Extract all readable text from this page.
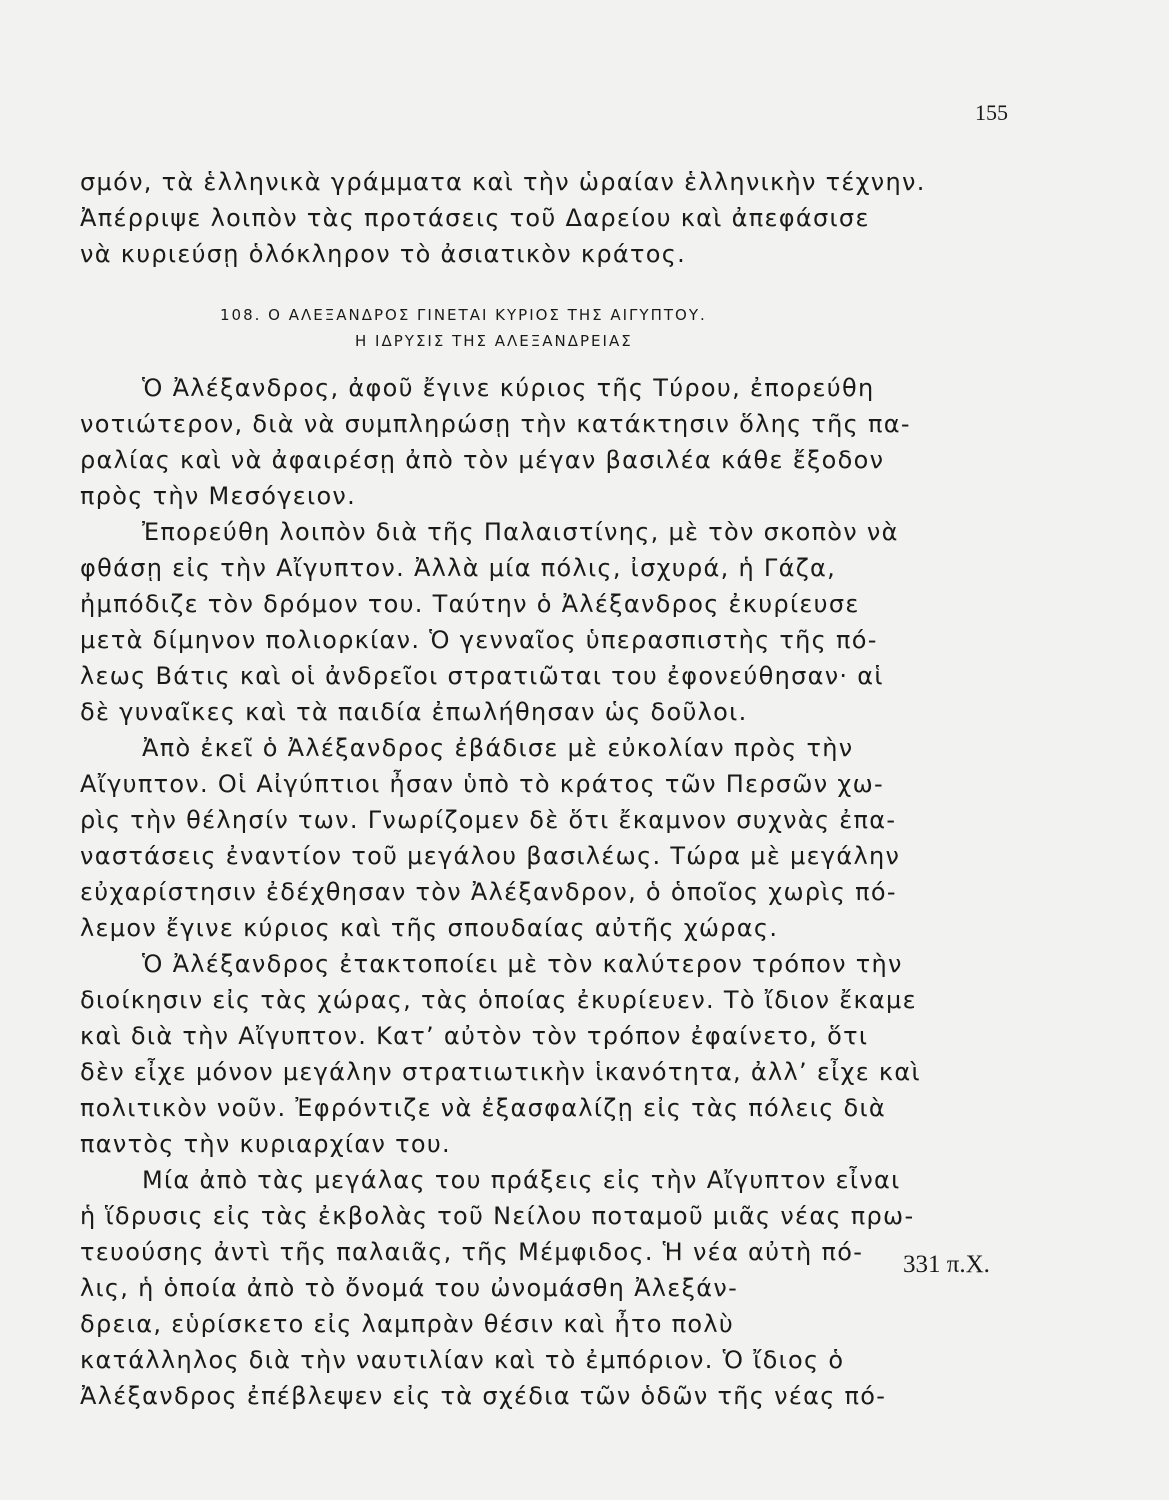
155
σμόν, τὰ ἑλληνικὰ γράμματα καὶ τὴν ὡραίαν ἑλληνικὴν τέχνην.
Ἀπέρριψε λοιπὸν τὰς προτάσεις τοῦ Δαρείου καὶ ἀπεφάσισε
νὰ κυριεύσῃ ὁλόκληρον τὸ ἀσιατικὸν κράτος.
108. Ο ΑΛΕΞΑΝΔΡΟΣ ΓΙΝΕΤΑΙ ΚΥΡΙΟΣ ΤΗΣ ΑΙΓΥΠΤΟΥ.
Η ΙΔΡΥΣΙΣ ΤΗΣ ΑΛΕΞΑΝΔΡΕΙΑΣ
Ὁ Ἀλέξανδρος, ἀφοῦ ἔγινε κύριος τῆς Τύρου, ἐπορεύθη
νοτιώτερον, διὰ νὰ συμπληρώσῃ τὴν κατάκτησιν ὅλης τῆς πα-
ραλίας καὶ νὰ ἀφαιρέσῃ ἀπὸ τὸν μέγαν βασιλέα κάθε ἔξοδον
πρὸς τὴν Μεσόγειον.
Ἐπορεύθη λοιπὸν διὰ τῆς Παλαιστίνης, μὲ τὸν σκοπὸν νὰ
φθάσῃ εἰς τὴν Αἴγυπτον. Ἀλλὰ μία πόλις, ἰσχυρά, ἡ Γάζα,
ἠμπόδιζε τὸν δρόμον του. Ταύτην ὁ Ἀλέξανδρος ἐκυρίευσε
μετὰ δίμηνον πολιορκίαν. Ὁ γενναῖος ὑπερασπιστὴς τῆς πό-
λεως Βάτις καὶ οἱ ἀνδρεῖοι στρατιῶται του ἐφονεύθησαν· αἱ
δὲ γυναῖκες καὶ τὰ παιδία ἐπωλήθησαν ὡς δοῦλοι.
Ἀπὸ ἐκεῖ ὁ Ἀλέξανδρος ἐβάδισε μὲ εὐκολίαν πρὸς τὴν
Αἴγυπτον. Οἱ Αἰγύπτιοι ἦσαν ὑπὸ τὸ κράτος τῶν Περσῶν χω-
ρὶς τὴν θέλησίν των. Γνωρίζομεν δὲ ὅτι ἔκαμνον συχνὰς ἐπα-
ναστάσεις ἐναντίον τοῦ μεγάλου βασιλέως. Τώρα μὲ μεγάλην
εὐχαρίστησιν ἐδέχθησαν τὸν Ἀλέξανδρον, ὁ ὁποῖος χωρὶς πό-
λεμον ἔγινε κύριος καὶ τῆς σπουδαίας αὐτῆς χώρας.
Ὁ Ἀλέξανδρος ἐτακτοποίει μὲ τὸν καλύτερον τρόπον τὴν
διοίκησιν εἰς τὰς χώρας, τὰς ὁποίας ἐκυρίευεν. Τὸ ἴδιον ἔκαμε
καὶ διὰ τὴν Αἴγυπτον. Κατ’ αὐτὸν τὸν τρόπον ἐφαίνετο, ὅτι
δὲν εἶχε μόνον μεγάλην στρατιωτικὴν ἱκανότητα, ἀλλ’ εἶχε καὶ
πολιτικὸν νοῦν. Ἐφρόντιζε νὰ ἐξασφαλίζῃ εἰς τὰς πόλεις διὰ
παντὸς τὴν κυριαρχίαν του.
Μία ἀπὸ τὰς μεγάλας του πράξεις εἰς τὴν Αἴγυπτον εἶναι
ἡ ἵδρυσις εἰς τὰς ἐκβολὰς τοῦ Νείλου ποταμοῦ μιᾶς νέας πρω-
τευούσης ἀντὶ τῆς παλαιᾶς, τῆς Μέμφιδος. Ἡ νέα αὐτὴ πό-
λις, ἡ ὁποία ἀπὸ τὸ ὄνομά του ὠνομάσθη Ἀλεξάν-
δρεια, εὑρίσκετο εἰς λαμπρὰν θέσιν καὶ ἦτο πολὺ
κατάλληλος διὰ τὴν ναυτιλίαν καὶ τὸ ἐμπόριον. Ὁ ἴδιος ὁ
Ἀλέξανδρος ἐπέβλεψεν εἰς τὰ σχέδια τῶν ὁδῶν τῆς νέας πό-
331 π.Χ.
